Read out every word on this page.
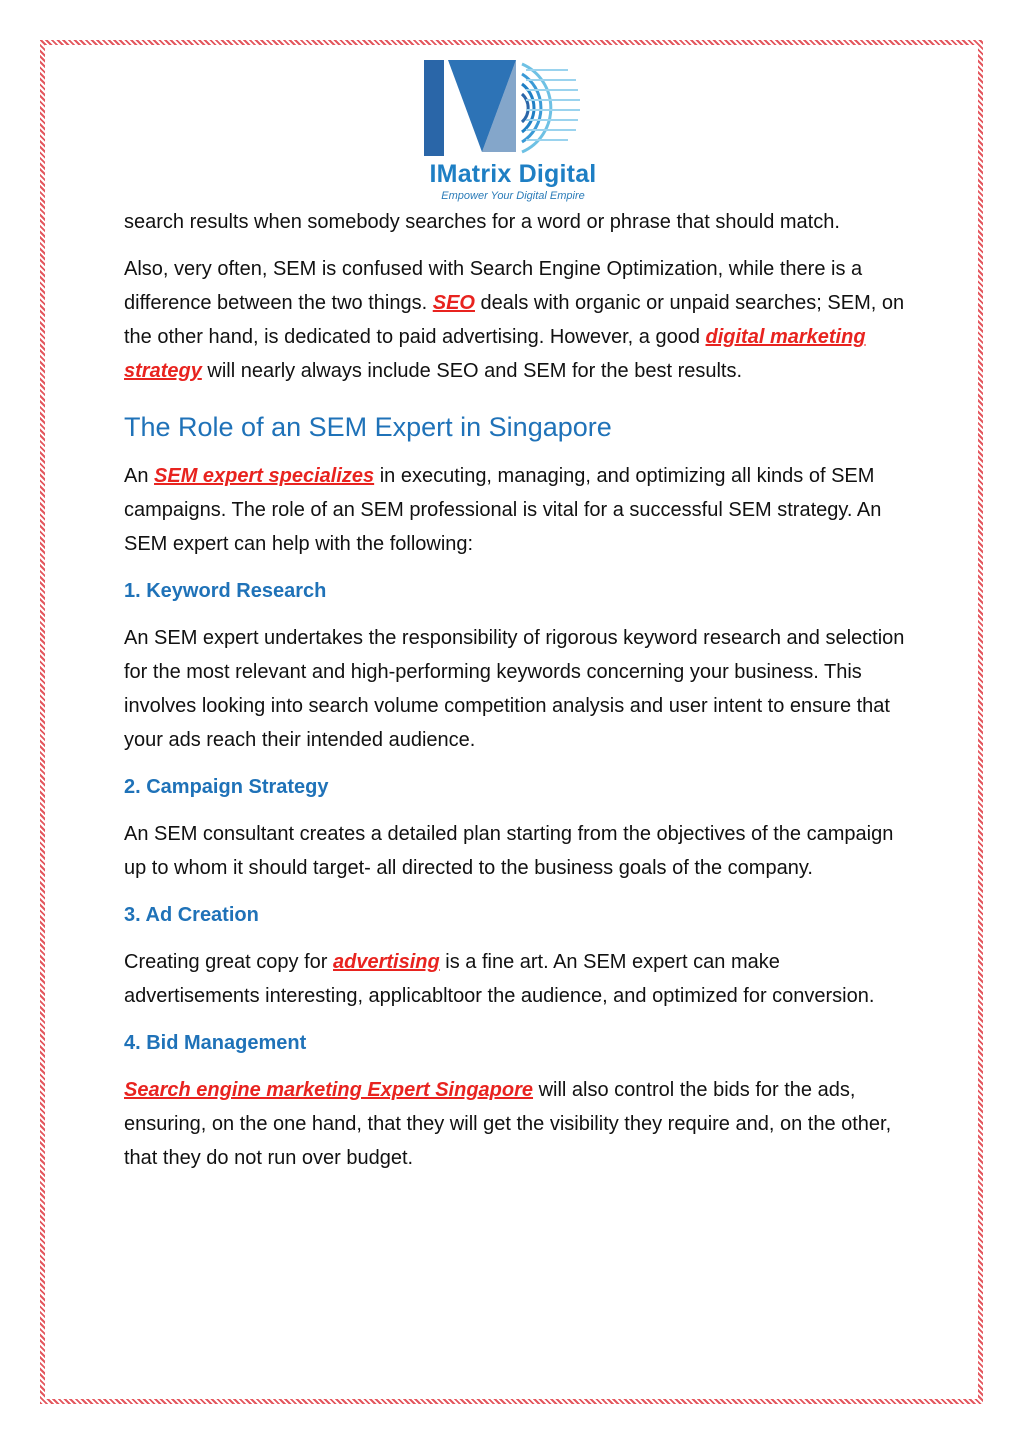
IMatrix Digital
Empower Your Digital Empire

search results when somebody searches for a word or phrase that should match.

Also, very often, SEM is confused with Search Engine Optimization, while there is a difference between the two things. SEO deals with organic or unpaid searches; SEM, on the other hand, is dedicated to paid advertising. However, a good digital marketing strategy will nearly always include SEO and SEM for the best results.

The Role of an SEM Expert in Singapore

An SEM expert specializes in executing, managing, and optimizing all kinds of SEM campaigns. The role of an SEM professional is vital for a successful SEM strategy. An SEM expert can help with the following:

1. Keyword Research

An SEM expert undertakes the responsibility of rigorous keyword research and selection for the most relevant and high-performing keywords concerning your business. This involves looking into search volume competition analysis and user intent to ensure that your ads reach their intended audience.

2. Campaign Strategy

An SEM consultant creates a detailed plan starting from the objectives of the campaign up to whom it should target- all directed to the business goals of the company.

3. Ad Creation

Creating great copy for advertising is a fine art. An SEM expert can make advertisements interesting, applicabltoor the audience, and optimized for conversion.

4. Bid Management

Search engine marketing Expert Singapore will also control the bids for the ads, ensuring, on the one hand, that they will get the visibility they require and, on the other, that they do not run over budget.
